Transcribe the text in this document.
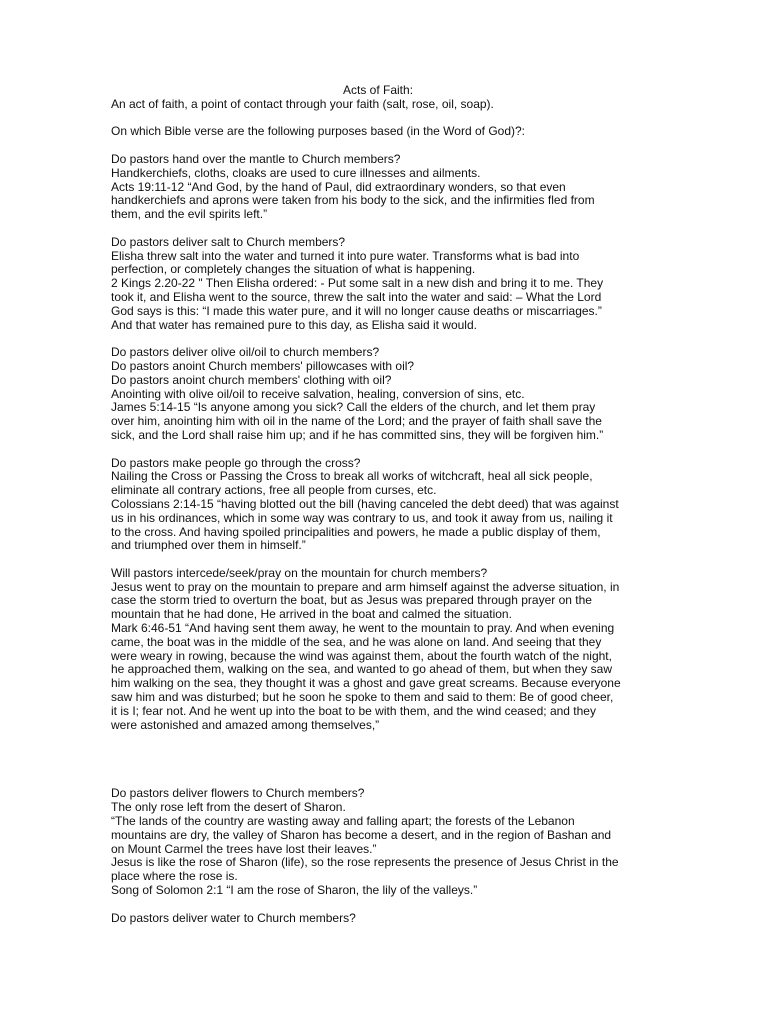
Acts of Faith:
An act of faith, a point of contact through your faith (salt, rose, oil, soap).
On which Bible verse are the following purposes based (in the Word of God)?:
Do pastors hand over the mantle to Church members?
Handkerchiefs, cloths, cloaks are used to cure illnesses and ailments.
Acts 19:11-12 “And God, by the hand of Paul, did extraordinary wonders, so that even
handkerchiefs and aprons were taken from his body to the sick, and the infirmities fled from
them, and the evil spirits left.”
Do pastors deliver salt to Church members?
Elisha threw salt into the water and turned it into pure water. Transforms what is bad into
perfection, or completely changes the situation of what is happening.
2 Kings 2.20-22 " Then Elisha ordered: - Put some salt in a new dish and bring it to me. They
took it, and Elisha went to the source, threw the salt into the water and said: – What the Lord
God says is this: “I made this water pure, and it will no longer cause deaths or miscarriages.”
And that water has remained pure to this day, as Elisha said it would.
Do pastors deliver olive oil/oil to church members?
Do pastors anoint Church members' pillowcases with oil?
Do pastors anoint church members' clothing with oil?
Anointing with olive oil/oil to receive salvation, healing, conversion of sins, etc.
James 5:14-15 “Is anyone among you sick? Call the elders of the church, and let them pray
over him, anointing him with oil in the name of the Lord; and the prayer of faith shall save the
sick, and the Lord shall raise him up; and if he has committed sins, they will be forgiven him.”
Do pastors make people go through the cross?
Nailing the Cross or Passing the Cross to break all works of witchcraft, heal all sick people,
eliminate all contrary actions, free all people from curses, etc.
Colossians 2:14-15 “having blotted out the bill (having canceled the debt deed) that was against
us in his ordinances, which in some way was contrary to us, and took it away from us, nailing it
to the cross. And having spoiled principalities and powers, he made a public display of them,
and triumphed over them in himself.”
Will pastors intercede/seek/pray on the mountain for church members?
Jesus went to pray on the mountain to prepare and arm himself against the adverse situation, in
case the storm tried to overturn the boat, but as Jesus was prepared through prayer on the
mountain that he had done, He arrived in the boat and calmed the situation.
Mark 6:46-51 “And having sent them away, he went to the mountain to pray. And when evening
came, the boat was in the middle of the sea, and he was alone on land. And seeing that they
were weary in rowing, because the wind was against them, about the fourth watch of the night,
he approached them, walking on the sea, and wanted to go ahead of them, but when they saw
him walking on the sea, they thought it was a ghost and gave great screams. Because everyone
saw him and was disturbed; but he soon he spoke to them and said to them: Be of good cheer,
it is I; fear not. And he went up into the boat to be with them, and the wind ceased; and they
were astonished and amazed among themselves,”
Do pastors deliver flowers to Church members?
The only rose left from the desert of Sharon.
“The lands of the country are wasting away and falling apart; the forests of the Lebanon
mountains are dry, the valley of Sharon has become a desert, and in the region of Bashan and
on Mount Carmel the trees have lost their leaves.”
Jesus is like the rose of Sharon (life), so the rose represents the presence of Jesus Christ in the
place where the rose is.
Song of Solomon 2:1 “I am the rose of Sharon, the lily of the valleys.”
Do pastors deliver water to Church members?
